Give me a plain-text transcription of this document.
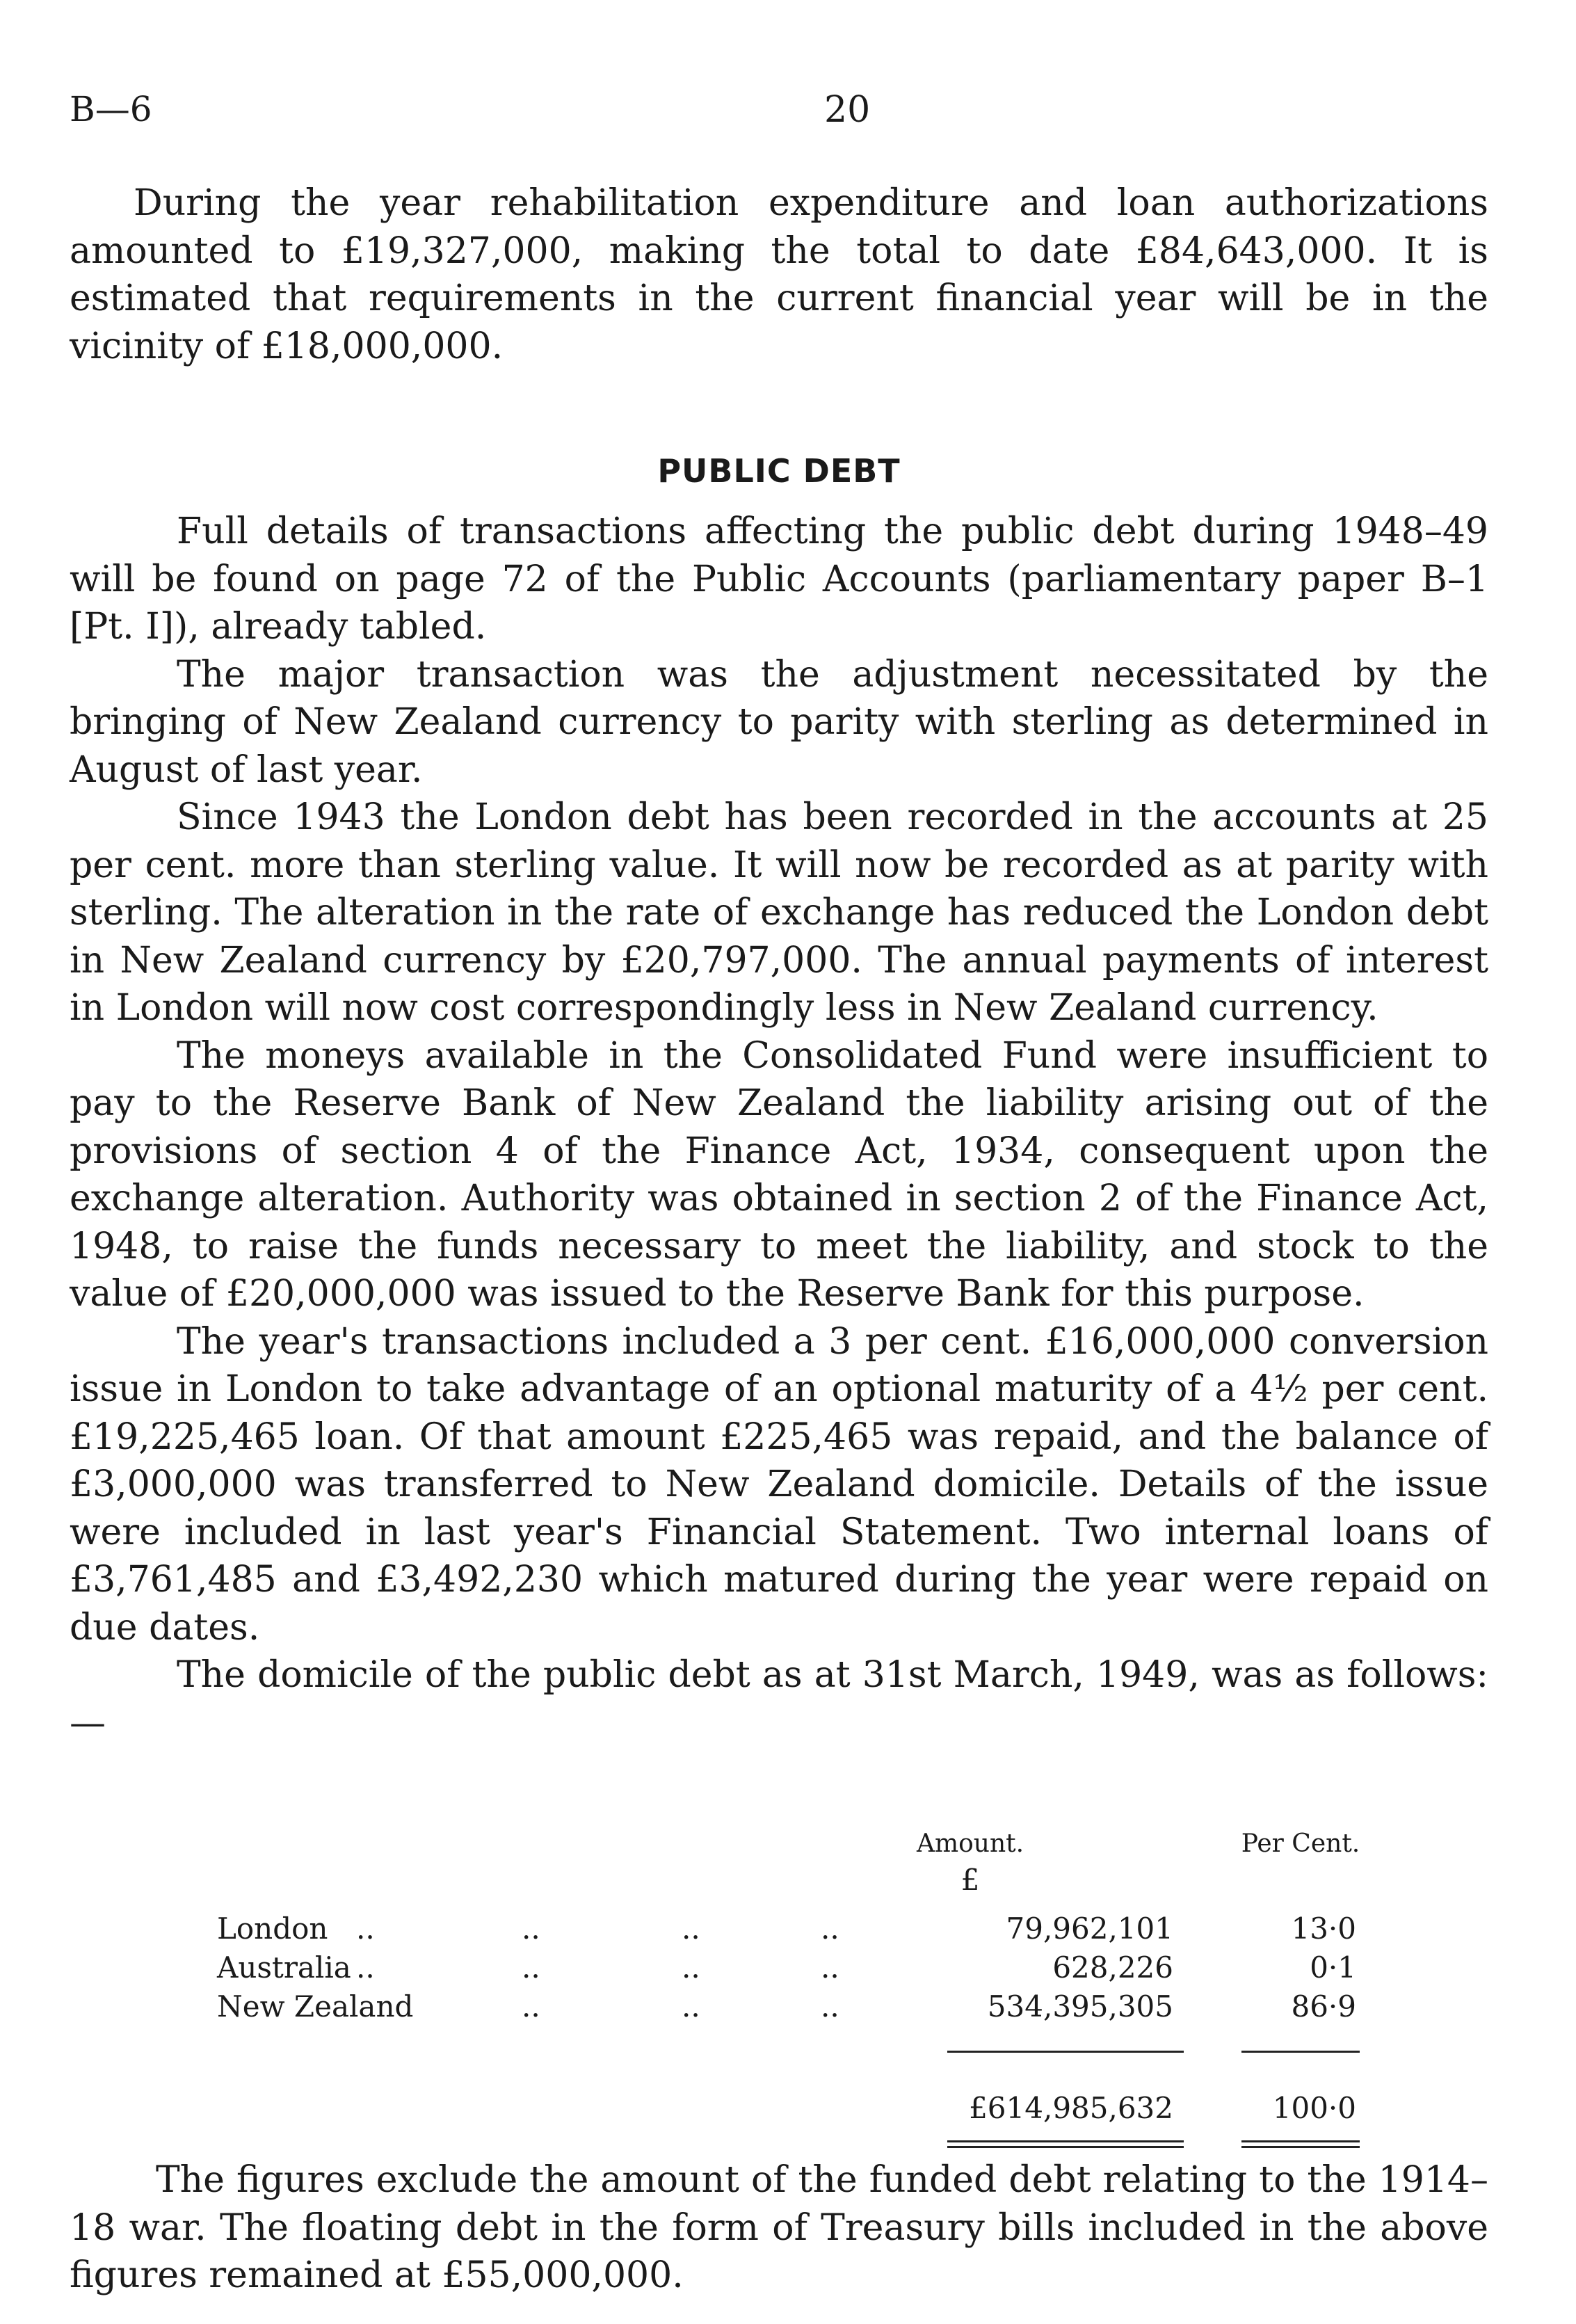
B—6	20
During the year rehabilitation expenditure and loan authorizations amounted to £19,327,000, making the total to date £84,643,000. It is estimated that requirements in the current financial year will be in the vicinity of £18,000,000.
PUBLIC DEBT

Full details of transactions affecting the public debt during 1948–49 will be found on page 72 of the Public Accounts (parliamentary paper B–1 [Pt. I]), already tabled.

The major transaction was the adjustment necessitated by the bringing of New Zealand currency to parity with sterling as determined in August of last year.

Since 1943 the London debt has been recorded in the accounts at 25 per cent. more than sterling value. It will now be recorded as at parity with sterling. The alteration in the rate of exchange has reduced the London debt in New Zealand currency by £20,797,000. The annual payments of interest in London will now cost correspondingly less in New Zealand currency.

The moneys available in the Consolidated Fund were insufficient to pay to the Reserve Bank of New Zealand the liability arising out of the provisions of section 4 of the Finance Act, 1934, consequent upon the exchange alteration. Authority was obtained in section 2 of the Finance Act, 1948, to raise the funds necessary to meet the liability, and stock to the value of £20,000,000 was issued to the Reserve Bank for this purpose.

The year's transactions included a 3 per cent. £16,000,000 conversion issue in London to take advantage of an optional maturity of a 4½ per cent. £19,225,465 loan. Of that amount £225,465 was repaid, and the balance of £3,000,000 was transferred to New Zealand domicile. Details of the issue were included in last year's Financial Statement. Two internal loans of £3,761,485 and £3,492,230 which matured during the year were repaid on due dates.

The domicile of the public debt as at 31st March, 1949, was as follows:—

Amount.
£
Per Cent.
London ..	..	..	..	79,962,101	13·0
Australia ..	..	..	..	628,226	0·1
New Zealand	..	..	..	534,395,305	86·9
£614,985,632	100·0
The figures exclude the amount of the funded debt relating to the 1914–18 war. The floating debt in the form of Treasury bills included in the above figures remained at £55,000,000.
